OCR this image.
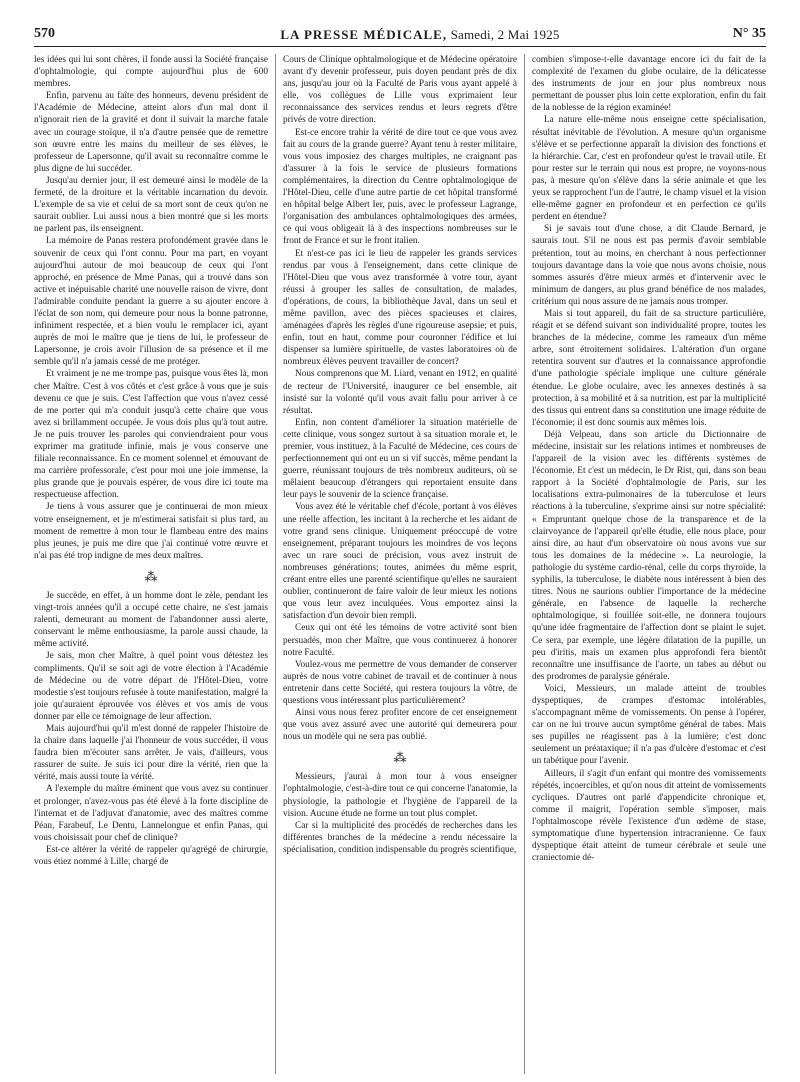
570	LA PRESSE MÉDICALE, Samedi, 2 Mai 1925	N° 35

les idées qui lui sont chères, il fonde aussi la Société française d'ophtalmologie, qui compte aujourd'hui plus de 600 membres.

Enfin, parvenu au faîte des honneurs, devenu président de l'Académie de Médecine, atteint alors d'un mal dont il n'ignorait rien de la gravité et dont il suivait la marche fatale avec un courage stoïque, il n'a d'autre pensée que de remettre son œuvre entre les mains du meilleur de ses élèves, le professeur de Lapersonne, qu'il avait su reconnaître comme le plus digne de lui succéder.

Jusqu'au dernier jour, il est demeuré ainsi le modèle de la fermeté, de la droiture et la véritable incarnation du devoir. L'exemple de sa vie et celui de sa mort sont de ceux qu'on ne saurait oublier. Lui aussi nous a bien montré que si les morts ne parlent pas, ils enseignent.

La mémoire de Panas restera profondément gravée dans le souvenir de ceux qui l'ont connu. Pour ma part, en voyant aujourd'hui autour de moi beaucoup de ceux qui l'ont approché, en présence de Mme Panas, qui a trouvé dans son active et inépuisable charité une nouvelle raison de vivre, dont l'admirable conduite pendant la guerre a su ajouter encore à l'éclat de son nom, qui demeure pour nous la bonne patronne, infiniment respectée, et a bien voulu le remplacer ici, ayant auprès de moi le maître que je tiens de lui, le professeur de Lapersonne, je crois avoir l'illusion de sa présence et il me semble qu'il n'a jamais cessé de me protéger.

Et vraiment je ne me trompe pas, puisque vous êtes là, mon cher Maître. C'est à vos côtés et c'est grâce à vous que je suis devenu ce que je suis. C'est l'affection que vous n'avez cessé de me porter qui m'a conduit jusqu'à cette chaire que vous avez si brillamment occupée. Je vous dois plus qu'à tout autre. Je ne puis trouver les paroles qui conviendraient pour vous exprimer ma gratitude infinie, mais je vous conserve une filiale reconnaissance. En ce moment solennel et émouvant de ma carrière professorale, c'est pour moi une joie immense, la plus grande que je pouvais espérer, de vous dire ici toute ma respectueuse affection.

Je tiens à vous assurer que je continuerai de mon mieux votre enseignement, et je m'estimerai satisfait si plus tard, au moment de remettre à mon tour le flambeau entre des mains plus jeunes, je puis me dire que j'ai continué votre œuvre et n'ai pas été trop indigne de mes deux maîtres.

⁂

Je succède, en effet, à un homme dont le zèle, pendant les vingt-trois années qu'il a occupé cette chaire, ne s'est jamais ralenti, demeurant au moment de l'abandonner aussi alerte, conservant le même enthousiasme, la parole aussi chaude, la même activité.

Je sais, mon cher Maître, à quel point vous détestez les compliments. Qu'il se soit agi de votre élection à l'Académie de Médecine ou de votre départ de l'Hôtel-Dieu, votre modestie s'est toujours refusée à toute manifestation, malgré la joie qu'auraient éprouvée vos élèves et vos amis de vous donner par elle ce témoignage de leur affection.

Mais aujourd'hui qu'il m'est donné de rappeler l'histoire de la chaire dans laquelle j'ai l'honneur de vous succéder, il vous faudra bien m'écouter sans arrêter. Je vais, d'ailleurs, vous rassurer de suite. Je suis ici pour dire la vérité, rien que la vérité, mais aussi toute la vérité.

A l'exemple du maître éminent que vous avez su continuer et prolonger, n'avez-vous pas été élevé à la forte discipline de l'internat et de l'adjuvat d'anatomie, avec des maîtres comme Péan, Farabeuf, Le Dentu, Lannelongue et enfin Panas, qui vous choisissait pour chef de clinique?

Est-ce altérer la vérité de rappeler qu'agrégé de chirurgie, vous étiez nommé à Lille, chargé de

Cours de Clinique ophtalmologique et de Médecine opératoire avant d'y devenir professeur, puis doyen pendant près de dix ans, jusqu'au jour où la Faculté de Paris vous ayant appelé à elle, vos collègues de Lille vous exprimaient leur reconnaissance des services rendus et leurs regrets d'être privés de votre direction.

Est-ce encore trahir la vérité de dire tout ce que vous avez fait au cours de la grande guerre? Ayant tenu à rester militaire, vous vous imposiez des charges multiples, ne craignant pas d'assurer à la fois le service de plusieurs formations complémentaires, la direction du Centre ophtalmologique de l'Hôtel-Dieu, celle d'une autre partie de cet hôpital transformé en hôpital belge Albert Ier, puis, avec le professeur Lagrange, l'organisation des ambulances ophtalmologiques des armées, ce qui vous obligeait là à des inspections nombreuses sur le front de France et sur le front italien.

Et n'est-ce pas ici le lieu de rappeler les grands services rendus par vous à l'enseignement, dans cette clinique de l'Hôtel-Dieu que vous avez transformée à votre tour, ayant réussi à grouper les salles de consultation, de malades, d'opérations, de cours, la bibliothèque Javal, dans un seul et même pavillon, avec des pièces spacieuses et claires, aménagées d'après les règles d'une rigoureuse asepsie; et puis, enfin, tout en haut, comme pour couronner l'édifice et lui dispenser sa lumière spirituelle, de vastes laboratoires où de nombreux élèves peuvent travailler de concert?

Nous comprenons que M. Liard, venant en 1912, en qualité de recteur de l'Université, inaugurer ce bel ensemble, ait insisté sur la volonté qu'il vous avait fallu pour arriver à ce résultat.

Enfin, non content d'améliorer la situation matérielle de cette clinique, vous songez surtout à sa situation morale et, le premier, vous instituez, à la Faculté de Médecine, ces cours de perfectionnement qui ont eu un si vif succès, même pendant la guerre, réunissant toujours de très nombreux auditeurs, où se mêlaient beaucoup d'étrangers qui reportaient ensuite dans leur pays le souvenir de la science française.

Vous avez été le véritable chef d'école, portant à vos élèves une réelle affection, les incitant à la recherche et les aidant de votre grand sens clinique. Uniquement préoccupé de votre enseignement, préparant toujours les moindres de vos leçons avec un rare souci de précision, vous avez instruit de nombreuses générations; toutes, animées du même esprit, créant entre elles une parenté scientifique qu'elles ne sauraient oublier, continueront de faire valoir de leur mieux les notions que vous leur avez inculquées. Vous emportez ainsi la satisfaction d'un devoir bien rempli.

Ceux qui ont été les témoins de votre activité sont bien persuadés, mon cher Maître, que vous continuerez à honorer notre Faculté.

Voulez-vous me permettre de vous demander de conserver auprès de nous votre cabinet de travail et de continuer à nous entretenir dans cette Société, qui restera toujours la vôtre, de questions vous intéressant plus particulièrement?

Ainsi vous nous ferez profiter encore de cet enseignement que vous avez assuré avec une autorité qui demeurera pour nous un modèle qui ne sera pas oublié.

⁂

Messieurs, j'aurai à mon tour à vous enseigner l'ophtalmologie, c'est-à-dire tout ce qui concerne l'anatomie, la physiologie, la pathologie et l'hygiène de l'appareil de la vision. Aucune étude ne forme un tout plus complet.

Car si la multiplicité des procédés de recherches dans les différentes branches de la médecine a rendu nécessaire la spécialisation, condition indispensable du progrès scientifique,

combien s'impose-t-elle davantage encore ici du fait de la complexité de l'examen du globe oculaire, de la délicatesse des instruments de jour en jour plus nombreux nous permettant de pousser plus loin cette exploration, enfin du fait de la noblesse de la région examinée!

La nature elle-même nous enseigne cette spécialisation, résultat inévitable de l'évolution. A mesure qu'un organisme s'élève et se perfectionne apparaît la division des fonctions et la hiérarchie. Car, c'est en profondeur qu'est le travail utile. Et pour rester sur le terrain qui nous est propre, ne voyons-nous pas, à mesure qu'on s'élève dans la série animale et que les yeux se rapprochent l'un de l'autre, le champ visuel et la vision elle-même gagner en profondeur et en perfection ce qu'ils perdent en étendue?

Si je savais tout d'une chose, a dit Claude Bernard, je saurais tout. S'il ne nous est pas permis d'avoir semblable prétention, tout au moins, en cherchant à nous perfectionner toujours davantage dans la voie que nous avons choisie, nous sommes assurés d'être mieux armés et d'intervenir avec le minimum de dangers, au plus grand bénéfice de nos malades, critérium qui nous assure de ne jamais nous tromper.

Mais si tout appareil, du fait de sa structure particulière, réagit et se défend suivant son individualité propre, toutes les branches de la médecine, comme les rameaux d'un même arbre, sont étroitement solidaires. L'altération d'un organe retentira souvent sur d'autres et la connaissance approfondie d'une pathologie spéciale implique une culture générale étendue. Le globe oculaire, avec les annexes destinés à sa protection, à sa mobilité et à sa nutrition, est par la multiplicité des tissus qui entrent dans sa constitution une image réduite de l'économie; il est donc soumis aux mêmes lois.

Déjà Velpeau, dans son article du Dictionnaire de médecine, insistait sur les relations intimes et nombreuses de l'appareil de la vision avec les différents systèmes de l'économie. Et c'est un médecin, le Dr Rist, qui, dans son beau rapport à la Société d'ophtalmologie de Paris, sur les localisations extra-pulmonaires de la tuberculose et leurs réactions à la tuberculine, s'exprime ainsi sur notre spécialité: « Empruntant quelque chose de la transparence et de la clairvoyance de l'appareil qu'elle étudie, elle nous place, pour ainsi dire, au haut d'un observatoire où nous avons vue sur tous les domaines de la médecine ». La neurologie, la pathologie du système cardio-rénal, celle du corps thyroïde, la syphilis, la tuberculose, le diabète nous intéressent à bien des titres. Nous ne saurions oublier l'importance de la médecine générale, en l'absence de laquelle la recherche ophtalmologique, si fouillée soit-elle, ne donnera toujours qu'une idée fragmentaire de l'affection dont se plaint le sujet. Ce sera, par exemple, une légère dilatation de la pupille, un peu d'iritis, mais un examen plus approfondi fera bientôt reconnaître une insuffisance de l'aorte, un tabes au début ou des prodromes de paralysie générale.

Voici, Messieurs, un malade atteint de troubles dyspeptiques, de crampes d'estomac intolérables, s'accompagnant même de vomissements. On pense à l'opérer, car on ne lui trouve aucun symptôme général de tabes. Mais ses pupilles ne réagissent pas à la lumière; c'est donc seulement un préataxique; il n'a pas d'ulcère d'estomac et c'est un tabétique pour l'avenir.

Ailleurs, il s'agit d'un enfant qui montre des vomissements répétés, incoercibles, et qu'on nous dit atteint de vomissements cycliques. D'autres ont parlé d'appendicite chronique et, comme il maigrit, l'opération semble s'imposer, mais l'ophtalmoscope révèle l'existence d'un œdème de stase, symptomatique d'une hypertension intracranienne. Ce faux dyspeptique était atteint de tumeur cérébrale et seule une craniectomie dé-
